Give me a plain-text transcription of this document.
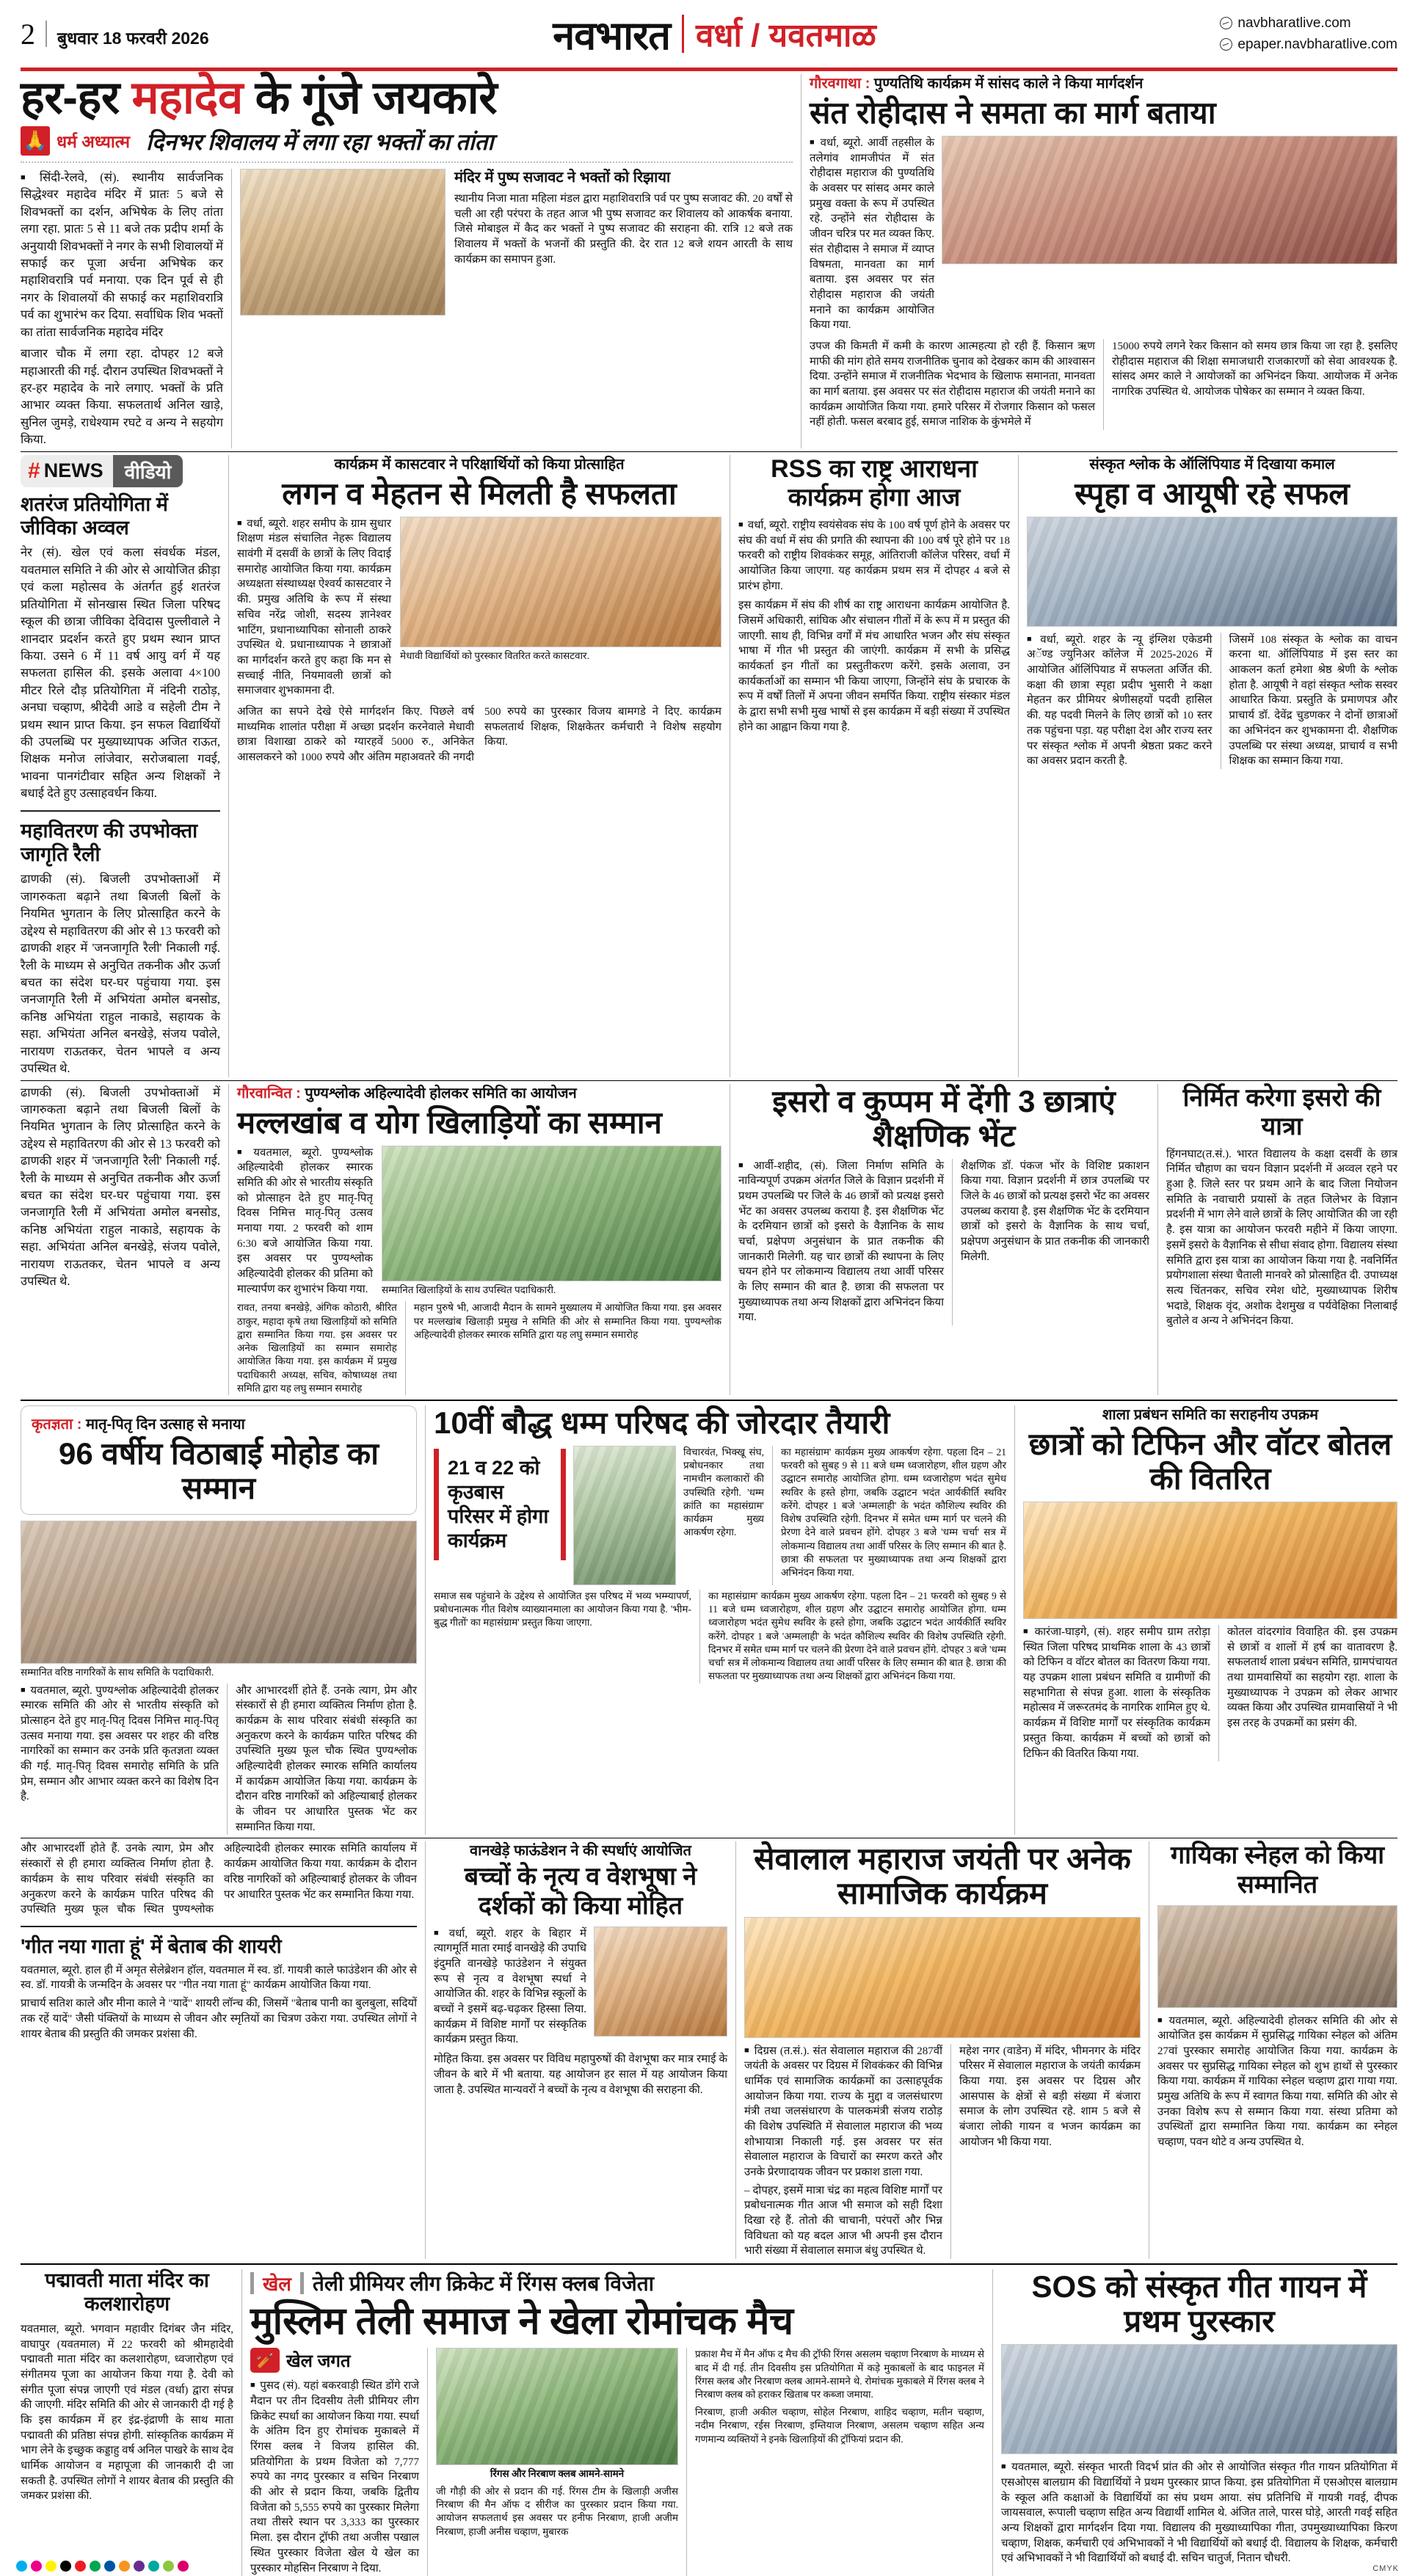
2 बुधवार 18 फरवरी 2026	नवभारत वर्धा / यवतमाळ	navbharatlive.com
epaper.navbharatlive.com
हर-हर महादेव के गूंजे जयकारे
🙏 धर्म अध्यात्म दिनभर शिवालय में लगा रहा भक्तों का तांता

■ सिंदी-रेलवे, (सं). स्थानीय सार्वजनिक सिद्धेश्वर महादेव मंदिर में प्रातः 5 बजे से शिवभक्तों का दर्शन, अभिषेक के लिए तांता लगा रहा. प्रातः 5 से 11 बजे तक प्रदीप शर्मा के अनुयायी शिवभक्तों ने नगर के सभी शिवालयों में सफाई कर पूजा अर्चना अभिषेक कर महाशिवरात्रि पर्व मनाया. एक दिन पूर्व से ही नगर के शिवालयों की सफाई कर महाशिवरात्रि पर्व का शुभारंभ कर दिया. सर्वाधिक शिव भक्तों का तांता सार्वजनिक महादेव मंदिर

बाजार चौक में लगा रहा. दोपहर 12 बजे महाआरती की गई. दौरान उपस्थित शिवभक्तों ने हर-हर महादेव के नारे लगाए. भक्तों के प्रति आभार व्यक्त किया. सफलतार्थ अनिल खाड़े, सुनिल जुमड़े, राधेश्याम रघटे व अन्य ने सहयोग किया.

मंदिर में पुष्प सजावट ने भक्तों को रिझाया

स्थानीय निजा माता महिला मंडल द्वारा महाशिवरात्रि पर्व पर पुष्प सजावट की. 20 वर्षों से चली आ रही परंपरा के तहत आज भी पुष्प सजावट कर शिवालय को आकर्षक बनाया. जिसे मोबाइल में कैद कर भक्तों ने पुष्प सजावट की सराहना की. रात्रि 12 बजे तक शिवालय में भक्तों के भजनों की प्रस्तुति की. देर रात 12 बजे शयन आरती के साथ कार्यक्रम का समापन हुआ.

गौरवगाथा : पुण्यतिथि कार्यक्रम में सांसद काले ने किया मार्गदर्शन
संत रोहीदास ने समता का मार्ग बताया

■ वर्धा, ब्यूरो. आर्वी तहसील के तलेगांव शामजीपंत में संत रोहीदास महाराज की पुण्यतिथि के अवसर पर सांसद अमर काले प्रमुख वक्ता के रूप में उपस्थित रहे. उन्होंने संत रोहीदास के जीवन चरित्र पर मत व्यक्त किए. संत रोहीदास ने समाज में व्याप्त विषमता, मानवता का मार्ग बताया. इस अवसर पर संत रोहीदास महाराज की जयंती मनाने का कार्यक्रम आयोजित किया गया.

उपज की किमती में कमी के कारण आत्महत्या हो रही हैं. किसान ऋण माफी की मांग होते समय राजनीतिक चुनाव को देखकर काम की आश्वासन दिया. उन्होंने समाज में राजनीतिक भेदभाव के खिलाफ समानता, मानवता का मार्ग बताया. इस अवसर पर संत रोहीदास महाराज की जयंती मनाने का कार्यक्रम आयोजित किया गया. हमारे परिसर में रोजगार किसान को फसल नहीं होती. फसल बरबाद हुई, समाज नाशिक के कुंभमेले में

15000 रुपये लगने रेकर किसान को समय छात्र किया जा रहा है. इसलिए रोहीदास महाराज की शिक्षा समाजधारी राजकारणों को सेवा आवश्यक है. सांसद अमर काले ने आयोजकों का अभिनंदन किया. आयोजक में अनेक नागरिक उपस्थित थे. आयोजक पोषेकर का सम्मान ने व्यक्त किया.

# NEWS	वीडियो
शतरंज प्रतियोगिता में जीविका अव्वल

नेर (सं). खेल एवं कला संवर्धक मंडल, यवतमाल समिति ने की ओर से आयोजित क्रीड़ा एवं कला महोत्सव के अंतर्गत हुई शतरंज प्रतियोगिता में सोनखास स्थित जिला परिषद स्कूल की छात्रा जीविका देविदास पुल्लीवाले ने शानदार प्रदर्शन करते हुए प्रथम स्थान प्राप्त किया. उसने 6 में 11 वर्ष आयु वर्ग में यह सफलता हासिल की. इसके अलावा 4×100 मीटर रिले दौड़ प्रतियोगिता में नंदिनी राठोड़, अनघा चव्हाण, श्रीदेवी आडे व सहेली टीम ने प्रथम स्थान प्राप्त किया. इन सफल विद्यार्थियों की उपलब्धि पर मुख्याध्यापक अजित राऊत, शिक्षक मनोज लांजेवार, सरोजबाला गवई, भावना पानगंटीवार सहित अन्य शिक्षकों ने बधाई देते हुए उत्साहवर्धन किया.

महावितरण की उपभोक्ता जागृति रैली

ढाणकी (सं). बिजली उपभोक्ताओं में जागरुकता बढ़ाने तथा बिजली बिलों के नियमित भुगतान के लिए प्रोत्साहित करने के उद्देश्य से महावितरण की ओर से 13 फरवरी को ढाणकी शहर में 'जनजागृति रैली' निकाली गई. रैली के माध्यम से अनुचित तकनीक और ऊर्जा बचत का संदेश घर-घर पहुंचाया गया. इस जनजागृति रैली में अभियंता अमोल बनसोड, कनिष्ठ अभियंता राहुल नाकाडे, सहायक के सहा. अभियंता अनिल बनखेड़े, संजय पवोले, नारायण राऊतकर, चेतन भापले व अन्य उपस्थित थे.

कार्यक्रम में कासटवार ने परिक्षार्थियों को किया प्रोत्साहित
लगन व मेहतन से मिलती है सफलता

■ वर्धा, ब्यूरो. शहर समीप के ग्राम सुधार शिक्षण मंडल संचालित नेहरू विद्यालय सावंगी में दसवीं के छात्रों के लिए विदाई समारोह आयोजित किया गया. कार्यक्रम अध्यक्षता संस्थाध्यक्ष ऐश्वर्य कासटवार ने की. प्रमुख अतिथि के रूप में संस्था सचिव नरेंद्र जोशी, सदस्य ज्ञानेश्वर भाटिंग, प्रधानाध्यापिका सोनाली ठाकरे उपस्थित थे. प्रधानाध्यापक ने छात्राओं का मार्गदर्शन करते हुए कहा कि मन से सच्चाई नीति, नियमावली छात्रों को समाजवार शुभकामना दी.

मेधावी विद्यार्थियों को पुरस्कार वितरित करते कासटवार.

अजित का सपने देखे ऐसे मार्गदर्शन किए. पिछले वर्ष माध्यमिक शालांत परीक्षा में अच्छा प्रदर्शन करनेवाले मेधावी छात्रा विशाखा ठाकरे को ग्यारहवें 5000 रु., अनिकेत आसलकरने को 1000 रुपये और अंतिम महाअवतरे की नगदी 500 रुपये का पुरस्कार विजय बामगडे ने दिए. कार्यक्रम सफलतार्थ शिक्षक, शिक्षकेतर कर्मचारी ने विशेष सहयोग किया.

RSS का राष्ट्र आराधना कार्यक्रम होगा आज

■ वर्धा, ब्यूरो. राष्ट्रीय स्वयंसेवक संघ के 100 वर्ष पूर्ण होने के अवसर पर संघ की वर्धा में संघ की प्रगति की स्थापना की 100 वर्ष पूरे होने पर 18 फरवरी को राष्ट्रीय शिवकंकर समूह, आंतिराजी कॉलेज परिसर, वर्धा में आयोजित किया जाएगा. यह कार्यक्रम प्रथम सत्र में दोपहर 4 बजे से प्रारंभ होगा.

इस कार्यक्रम में संघ की शीर्ष का राष्ट्र आराधना कार्यक्रम आयोजित है. जिसमें अधिकारी, सांघिक और संचालन गीतों में के रूप में म प्रस्तुत की जाएगी. साथ ही, विभिन्न वर्गों में मंच आधारित भजन और संघ संस्कृत भाषा में गीत भी प्रस्तुत की जाएंगी. कार्यक्रम में सभी के प्रसिद्ध कार्यकर्ता इन गीतों का प्रस्तुतीकरण करेंगे. इसके अलावा, उन कार्यकर्ताओं का सम्मान भी किया जाएगा, जिन्होंने संघ के प्रचारक के रूप में वर्षों तिलों में अपना जीवन समर्पित किया. राष्ट्रीय संस्कार मंडल के द्वारा सभी सभी मुख भाषों से इस कार्यक्रम में बड़ी संख्या में उपस्थित होने का आह्वान किया गया है.

संस्कृत श्लोक के ऑलिंपियाड में दिखाया कमाल
स्पृहा व आयूषी रहे सफल

■ वर्धा, ब्यूरो. शहर के न्यू इंग्लिश एकेडमी अॅण्ड ज्युनिअर कॉलेज में 2025-2026 में आयोजित ऑलिंपियाड में सफलता अर्जित की. कक्षा की छात्रा स्पृहा प्रदीप भुसारी ने कक्षा मेहतन कर प्रीमियर श्रेणीसहयों पदवी हासिल की. यह पदवी मिलने के लिए छात्रों को 10 स्तर तक पहुंचना पड़ा. यह परीक्षा देश और राज्य स्तर पर संस्कृत श्लोक में अपनी श्रेष्ठता प्रकट करने का अवसर प्रदान करती है.

जिसमें 108 संस्कृत के श्लोक का वाचन करना था. ऑलिंपियाड में इस स्तर का आकलन कर्ता हमेशा श्रेष्ठ श्रेणी के श्लोक होता है. आयूषी ने वहां संस्कृत श्लोक सस्वर आधारित किया. प्रस्तुति के प्रमाणपत्र और प्राचार्य डॉ. देवेंद्र चुडणकर ने दोनों छात्राओं का अभिनंदन कर शुभकामना दी. शैक्षणिक उपलब्धि पर संस्था अध्यक्ष, प्राचार्य व सभी शिक्षक का सम्मान किया गया.

ढाणकी (सं). बिजली उपभोक्ताओं में जागरुकता बढ़ाने तथा बिजली बिलों के नियमित भुगतान के लिए प्रोत्साहित करने के उद्देश्य से महावितरण की ओर से 13 फरवरी को ढाणकी शहर में 'जनजागृति रैली' निकाली गई. रैली के माध्यम से अनुचित तकनीक और ऊर्जा बचत का संदेश घर-घर पहुंचाया गया. इस जनजागृति रैली में अभियंता अमोल बनसोड, कनिष्ठ अभियंता राहुल नाकाडे, सहायक के सहा. अभियंता अनिल बनखेड़े, संजय पवोले, नारायण राऊतकर, चेतन भापले व अन्य उपस्थित थे.

गौरवान्वित : पुण्यश्लोक अहिल्यादेवी होलकर समिति का आयोजन
मल्लखांब व योग खिलाड़ियों का सम्मान

■ यवतमाल, ब्यूरो. पुण्यश्लोक अहिल्यादेवी होलकर स्मारक समिति की ओर से भारतीय संस्कृति को प्रोत्साहन देते हुए मातृ-पितृ दिवस निमित्त मातृ-पितृ उत्सव मनाया गया. 2 फरवरी को शाम 6:30 बजे आयोजित किया गया. इस अवसर पर पुण्यश्लोक अहिल्यादेवी होलकर की प्रतिमा को माल्यार्पण कर शुभारंभ किया गया.	सम्मानित खिलाड़ियों के साथ उपस्थित पदाधिकारी.

रावत, तनया बनखेड़े, अंगिक कोठारी, श्रीरित ठाकुर, महादा कृषे तथा खिलाड़ियों को समिति द्वारा सम्मानित किया गया. इस अवसर पर अनेक खिलाड़ियों का सम्मान समारोह आयोजित किया गया. इस कार्यक्रम में प्रमुख पदाधिकारी अध्यक्ष, सचिव, कोषाध्यक्ष तथा समिति द्वारा यह लघु सम्मान समारोह

महान पुरुषे भी, आजादी मैदान के सामने मुख्यालय में आयोजित किया गया. इस अवसर पर मल्लखांब खिलाड़ी प्रमुख ने समिति की ओर से सम्मानित किया गया. पुण्यश्लोक अहिल्यादेवी होलकर स्मारक समिति द्वारा यह लघु सम्मान समारोह

इसरो व कुप्पम में देंगी 3 छात्राएं शैक्षणिक भेंट

■ आर्वी-शहीद, (सं). जिला निर्माण समिति के नाविन्यपूर्ण उपक्रम अंतर्गत जिले के विज्ञान प्रदर्शनी में प्रथम उपलब्धि पर जिले के 46 छात्रों को प्रत्यक्ष इसरो भेंट का अवसर उपलब्ध कराया है. इस शैक्षणिक भेंट के दरमियान छात्रों को इसरो के वैज्ञानिक के साथ चर्चा, प्रक्षेपण अनुसंधान के प्रात तकनीक की जानकारी मिलेगी. यह चार छात्रों की स्थापना के लिए चयन होने पर लोकमान्य विद्यालय तथा आर्वी परिसर के लिए सम्मान की बात है. छात्रा की सफलता पर मुख्याध्यापक तथा अन्य शिक्षकों द्वारा अभिनंदन किया गया.

शैक्षणिक डॉ. पंकज भोंर के विशिष्ट प्रकाशन किया गया. विज्ञान प्रदर्शनी में छात्र उपलब्धि पर जिले के 46 छात्रों को प्रत्यक्ष इसरो भेंट का अवसर उपलब्ध कराया है. इस शैक्षणिक भेंट के दरमियान छात्रों को इसरो के वैज्ञानिक के साथ चर्चा, प्रक्षेपण अनुसंधान के प्रात तकनीक की जानकारी मिलेगी.

निर्मित करेगा इसरो की यात्रा

हिंगनघाट(त.सं.). भारत विद्यालय के कक्षा दसवीं के छात्र निर्मित चौहाण का चयन विज्ञान प्रदर्शनी में अव्वल रहने पर हुआ है. जिले स्तर पर प्रथम आने के बाद जिला नियोजन समिति के नवाचारी प्रयासों के तहत जिलेभर के विज्ञान प्रदर्शनी में भाग लेने वाले छात्रों के लिए आयोजित की जा रही है. इस यात्रा का आयोजन फरवरी महीने में किया जाएगा. इसमें इसरो के वैज्ञानिक से सीधा संवाद होगा. विद्यालय संस्था समिति द्वारा इस यात्रा का आयोजन किया गया है. नवनिर्मित प्रयोगशाला संस्था चैताली मानवरे को प्रोत्साहित दी. उपाध्यक्ष सत्य चिंतनकर, सचिव रमेश धोटे, मुख्याध्यापक शिरीष भदाडे, शिक्षक वृंद, अशोक देशमुख व पर्यवेक्षिका निलाबाई बुतोले व अन्य ने अभिनंदन किया.

कृतज्ञता : मातृ-पितृ दिन उत्साह से मनाया
96 वर्षीय विठाबाई मोहोड का सम्मान
सम्मानित वरिष्ठ नागरिकों के साथ समिति के पदाधिकारी.

■ यवतमाल, ब्यूरो. पुण्यश्लोक अहिल्यादेवी होलकर स्मारक समिति की ओर से भारतीय संस्कृति को प्रोत्साहन देते हुए मातृ-पितृ दिवस निमित्त मातृ-पितृ उत्सव मनाया गया. इस अवसर पर शहर की वरिष्ठ नागरिकों का सम्मान कर उनके प्रति कृतज्ञता व्यक्त की गई. मातृ-पितृ दिवस समारोह समिति के प्रति प्रेम, सम्मान और आभार व्यक्त करने का विशेष दिन है.

और आभारदर्शी होते हैं. उनके त्याग, प्रेम और संस्कारों से ही हमारा व्यक्तित्व निर्माण होता है. कार्यक्रम के साथ परिवार संबंधी संस्कृति का अनुकरण करने के कार्यक्रम पारित परिषद की उपस्थिति मुख्य फूल चौक स्थित पुण्यश्लोक अहिल्यादेवी होलकर स्मारक समिति कार्यालय में कार्यक्रम आयोजित किया गया. कार्यक्रम के दौरान वरिष्ठ नागरिकों को अहिल्याबाई होलकर के जीवन पर आधारित पुस्तक भेंट कर सम्मानित किया गया.

10वीं बौद्ध धम्म परिषद की जोरदार तैयारी
21 व 22 को कृउबास परिसर में होगा कार्यक्रम

विचारवंत, भिक्खू संघ, प्रबोधनकार तथा नामचीन कलाकारों की उपस्थिति रहेगी. 'धम्म क्रांति का महासंग्राम' कार्यक्रम मुख्य आकर्षण रहेगा.

का महासंग्राम' कार्यक्रम मुख्य आकर्षण रहेगा. पहला दिन – 21 फरवरी को सुबह 9 से 11 बजे धम्म ध्वजारोहण, शील ग्रहण और उद्घाटन समारोह आयोजित होगा. धम्म ध्वजारोहण भदंत सुमेध स्थविर के हस्ते होगा, जबकि उद्घाटन भदंत आर्यकीर्ति स्थविर करेंगे. दोपहर 1 बजे 'अम्मलाही' के भदंत कौशिल्य स्थविर की विशेष उपस्थिति रहेगी. दिनभर में समेत धम्म मार्ग पर चलने की प्रेरणा देने वाले प्रवचन होंगे. दोपहर 3 बजे 'धम्म चर्चा' सत्र में लोकमान्य विद्यालय तथा आर्वी परिसर के लिए सम्मान की बात है. छात्रा की सफलता पर मुख्याध्यापक तथा अन्य शिक्षकों द्वारा अभिनंदन किया गया.

समाज सब पहुंचाने के उद्देश्य से आयोजित इस परिषद में भव्य भम्म्यापर्ण, प्रबोधनात्मक गीत विशेष व्याख्यानमाला का आयोजन किया गया है. 'भीम-बुद्ध गीतों' का महासंग्राम' प्रस्तुत किया जाएगा.

का महासंग्राम' कार्यक्रम मुख्य आकर्षण रहेगा. पहला दिन – 21 फरवरी को सुबह 9 से 11 बजे धम्म ध्वजारोहण, शील ग्रहण और उद्घाटन समारोह आयोजित होगा. धम्म ध्वजारोहण भदंत सुमेध स्थविर के हस्ते होगा, जबकि उद्घाटन भदंत आर्यकीर्ति स्थविर करेंगे. दोपहर 1 बजे 'अम्मलाही' के भदंत कौशिल्य स्थविर की विशेष उपस्थिति रहेगी. दिनभर में समेत धम्म मार्ग पर चलने की प्रेरणा देने वाले प्रवचन होंगे. दोपहर 3 बजे 'धम्म चर्चा' सत्र में लोकमान्य विद्यालय तथा आर्वी परिसर के लिए सम्मान की बात है. छात्रा की सफलता पर मुख्याध्यापक तथा अन्य शिक्षकों द्वारा अभिनंदन किया गया.

शाला प्रबंधन समिति का सराहनीय उपक्रम
छात्रों को टिफिन और वॉटर बोतल की वितरित

■ कारंजा-घाड़गे, (सं). शहर समीप ग्राम तरोड़ा स्थित जिला परिषद प्राथमिक शाला के 43 छात्रों को टिफिन व वॉटर बोतल का वितरण किया गया. यह उपक्रम शाला प्रबंधन समिति व ग्रामीणों की सहभागिता से संपन्न हुआ. शाला के संस्कृतिक महोत्सव में जरूरतमंद के नागरिक शामिल हुए थे. कार्यक्रम में विशिष्ट मार्गों पर संस्कृतिक कार्यक्रम प्रस्तुत किया. कार्यक्रम में बच्चों को छात्रों को टिफिन की वितरित किया गया.

कोतल वांदरगांव विवाहित की. इस उपक्रम से छात्रों व शालों में हर्ष का वातावरण है. सफलतार्थ शाला प्रबंधन समिति, ग्रामपंचायत तथा ग्रामवासियों का सहयोग रहा. शाला के मुख्याध्यापक ने उपक्रम को लेकर आभार व्यक्त किया और उपस्थित ग्रामवासियों ने भी इस तरह के उपक्रमों का प्रसंग की.

और आभारदर्शी होते हैं. उनके त्याग, प्रेम और संस्कारों से ही हमारा व्यक्तित्व निर्माण होता है. कार्यक्रम के साथ परिवार संबंधी संस्कृति का अनुकरण करने के कार्यक्रम पारित परिषद की उपस्थिति मुख्य फूल चौक स्थित पुण्यश्लोक अहिल्यादेवी होलकर स्मारक समिति कार्यालय में कार्यक्रम आयोजित किया गया. कार्यक्रम के दौरान वरिष्ठ नागरिकों को अहिल्याबाई होलकर के जीवन पर आधारित पुस्तक भेंट कर सम्मानित किया गया.

'गीत नया गाता हूं' में बेताब की शायरी

यवतमाल, ब्यूरो. हाल ही में अमृत सेलेब्रेशन हॉल, यवतमाल में स्व. डॉ. गायत्री काले फाउंडेशन की ओर से स्व. डॉ. गायत्री के जन्मदिन के अवसर पर "गीत नया गाता हूं" कार्यक्रम आयोजित किया गया.

प्राचार्य सतिश काले और मीना काले ने "यादें" शायरी लॉन्च की, जिसमें "बेताब पानी का बुलबुला, सदियों तक रहें यादें" जैसी पंक्तियों के माध्यम से जीवन और स्मृतियों का चित्रण उकेरा गया. उपस्थित लोगों ने शायर बेताब की प्रस्तुति की जमकर प्रशंसा की.

वानखेड़े फाऊंडेशन ने की स्पर्धाएं आयोजित
बच्चों के नृत्य व वेशभूषा ने दर्शकों को किया मोहित

■ वर्धा, ब्यूरो. शहर के बिहार में त्यागमूर्ति माता रमाई वानखेड़े की उपाधि इंदुमति वानखेड़े फाउंडेशन ने संयुक्त रूप से नृत्य व वेशभूषा स्पर्धा ने आयोजित की. शहर के विभिन्न स्कूलों के बच्चों ने इसमें बढ़-चढ़कर हिस्सा लिया. कार्यक्रम में विशिष्ट मार्गों पर संस्कृतिक कार्यक्रम प्रस्तुत किया.

मोहित किया. इस अवसर पर विविध महापुरुषों की वेशभूषा कर मात्र रमाई के जीवन के बारे में भी बताया. यह आयोजन हर साल में यह आयोजन किया जाता है. उपस्थित मान्यवरों ने बच्चों के नृत्य व वेशभूषा की सराहना की.

सेवालाल महाराज जयंती पर अनेक सामाजिक कार्यक्रम

■ दिग्रस (त.सं.). संत सेवालाल महाराज की 287वीं जयंती के अवसर पर दिग्रस में शिवकंकर की विभिन्न धार्मिक एवं सामाजिक कार्यक्रमों का उत्साहपूर्वक आयोजन किया गया. राज्य के मुद्दा व जलसंधारण मंत्री तथा जलसंधारण के पालकमंत्री संजय राठोड़ की विशेष उपस्थिति में सेवालाल महाराज की भव्य शोभायात्रा निकाली गई. इस अवसर पर संत सेवालाल महाराज के विचारों का स्मरण करते और उनके प्रेरणादायक जीवन पर प्रकाश डाला गया.

– दोपहर, इसमें मात्रा चंद्र का महत्व विशिष्ट मार्गों पर प्रबोधनात्मक गीत आज भी समाज को सही दिशा दिखा रहे हैं. तोतो की चाचानी, परंपरों और भिन्न विविधता को यह बदल आज भी अपनी इस दौरान भारी संख्या में सेवालाल समाज बंधु उपस्थित थे.

महेश नगर (वाडेन) में मंदिर, भीमनगर के मंदिर परिसर में सेवालाल महाराज के जयंती कार्यक्रम किया गया. इस अवसर पर दिग्रस और आसपास के क्षेत्रों से बड़ी संख्या में बंजारा समाज के लोग उपस्थित रहे. शाम 5 बजे से बंजारा लोकी गायन व भजन कार्यक्रम का आयोजन भी किया गया.

गायिका स्नेहल को किया सम्मानित

■ यवतमाल, ब्यूरो. अहिल्यादेवी होलकर समिति की ओर से आयोजित इस कार्यक्रम में सुप्रसिद्ध गायिका स्नेहल को अंतिम 27वां पुरस्कार समारोह आयोजित किया गया. कार्यक्रम के अवसर पर सुप्रसिद्ध गायिका स्नेहल को शुभ हाथों से पुरस्कार किया गया. कार्यक्रम में गायिका स्नेहल चव्हाण द्वारा गाया गया. प्रमुख अतिथि के रूप में स्वागत किया गया. समिति की ओर से उनका विशेष रूप से सम्मान किया गया. संस्था प्रतिमा को उपस्थितों द्वारा सम्मानित किया गया. कार्यक्रम का स्नेहल चव्हाण, पवन थोटे व अन्य उपस्थित थे.

पद्मावती माता मंदिर का कलशारोहण

यवतमाल, ब्यूरो. भगवान महावीर दिगंबर जैन मंदिर, वाघापुर (यवतमाल) में 22 फरवरी को श्रीमहादेवी पद्मावती माता मंदिर का कलशारोहण, ध्वजारोहण एवं संगीतमय पूजा का आयोजन किया गया है. देवी को संगीत पूजा संपन्न जाएगी एवं मंडल (वर्धा) द्वारा संपन्न की जाएगी. मंदिर समिति की ओर से जानकारी दी गई है कि इस कार्यक्रम में हर इंद्र-इंद्राणी के साथ माता पद्मावती की प्रतिष्ठा संपन्न होगी. सांस्कृतिक कार्यक्रम में भाग लेने के इच्छुक कड्डाहु वर्ष अनिल पाखरे के साथ देव धार्मिक आयोजन व महापूजा की जानकारी दी जा सकती है. उपस्थित लोगों ने शायर बेताब की प्रस्तुति की जमकर प्रशंसा की.

खेल तेली प्रीमियर लीग क्रिकेट में रिंगस क्लब विजेता
मुस्लिम तेली समाज ने खेला रोमांचक मैच
🏏 खेल जगत

■ पुसद (सं). यहां बकरवाड़ी स्थित डोंगे राजे मैदान पर तीन दिवसीय तेली प्रीमियर लीग क्रिकेट स्पर्धा का आयोजन किया गया. स्पर्धा के अंतिम दिन हुए रोमांचक मुकाबले में रिंगस क्लब ने विजय हासिल की. प्रतियोगिता के प्रथम विजेता को 7,777 रुपये का नगद पुरस्कार व सचिन निरबाण की ओर से प्रदान किया, जबकि द्वितीय विजेता को 5,555 रुपये का पुरस्कार मिलेगा तथा तीसरे स्थान पर 3,333 का पुरस्कार मिला. इस दौरान ट्रॉफी तथा अजीस पखाल स्थित पुरस्कार विजेता खेल ये खेल का पुरस्कार मोहसिन निरबाण ने दिया.

रिंगस और निरबाण क्लब आमने-सामने

जी गौड़ी की ओर से प्रदान की गई. रिंगस टीम के खिलाड़ी अजीस निरबाण की मैन ऑफ द सीरीज का पुरस्कार प्रदान किया गया. आयोजन सफलतार्थ इस अवसर पर हनीफ निरबाण, हाजी अजीम निरबाण, हाजी अनीस चव्हाण, मुबारक

प्रकाश मैच में मैन ऑफ द मैच की ट्रॉफी रिंगस असलम चव्हाण निरबाण के माध्यम से बाद में दी गई. तीन दिवसीय इस प्रतियोगिता में कड़े मुकाबलों के बाद फाइनल में रिंगस क्लब और निरबाण क्लब आमने-सामने थे. रोमांचक मुकाबले में रिंगस क्लब ने निरबाण क्लब को हराकर खिताब पर कब्जा जमाया.

निरबाण, हाजी अकील चव्हाण, सोहेल निरबाण, शाहिद चव्हाण, मतीन चव्हाण, नदीम निरबाण, रईस निरबाण, इम्तियाज निरबाण, असलम चव्हाण सहित अन्य गणमान्य व्यक्तियों ने इनके खिलाड़ियों की ट्रॉफियां प्रदान की.

SOS को संस्कृत गीत गायन में प्रथम पुरस्कार

■ यवतमाल, ब्यूरो. संस्कृत भारती विदर्भ प्रांत की ओर से आयोजित संस्कृत गीत गायन प्रतियोगिता में एसओएस बालग्राम की विद्यार्थियों ने प्रथम पुरस्कार प्राप्त किया. इस प्रतियोगिता में एसओएस बालग्राम के स्कूल अति कक्षाओं के विद्यार्थियों का संघ प्रथम आया. संघ प्रतिनिधि में गायत्री गवई, दीपक जायसवाल, रूपाली चव्हाण सहित अन्य विद्यार्थी शामिल थे. अंजित ताले, पारस घोड़े, आरती गवई सहित अन्य शिक्षकों द्वारा मार्गदर्शन दिया गया. विद्यालय की मुख्याध्यापिका गीता, उपमुख्याध्यापिका किरण चव्हाण, शिक्षक, कर्मचारी एवं अभिभावकों ने भी विद्यार्थियों को बधाई दी. विद्यालय के शिक्षक, कर्मचारी एवं अभिभावकों ने भी विद्यार्थियों को बधाई दी. सचिन चातुर्ज, नितान चौधरी.

CMYK
